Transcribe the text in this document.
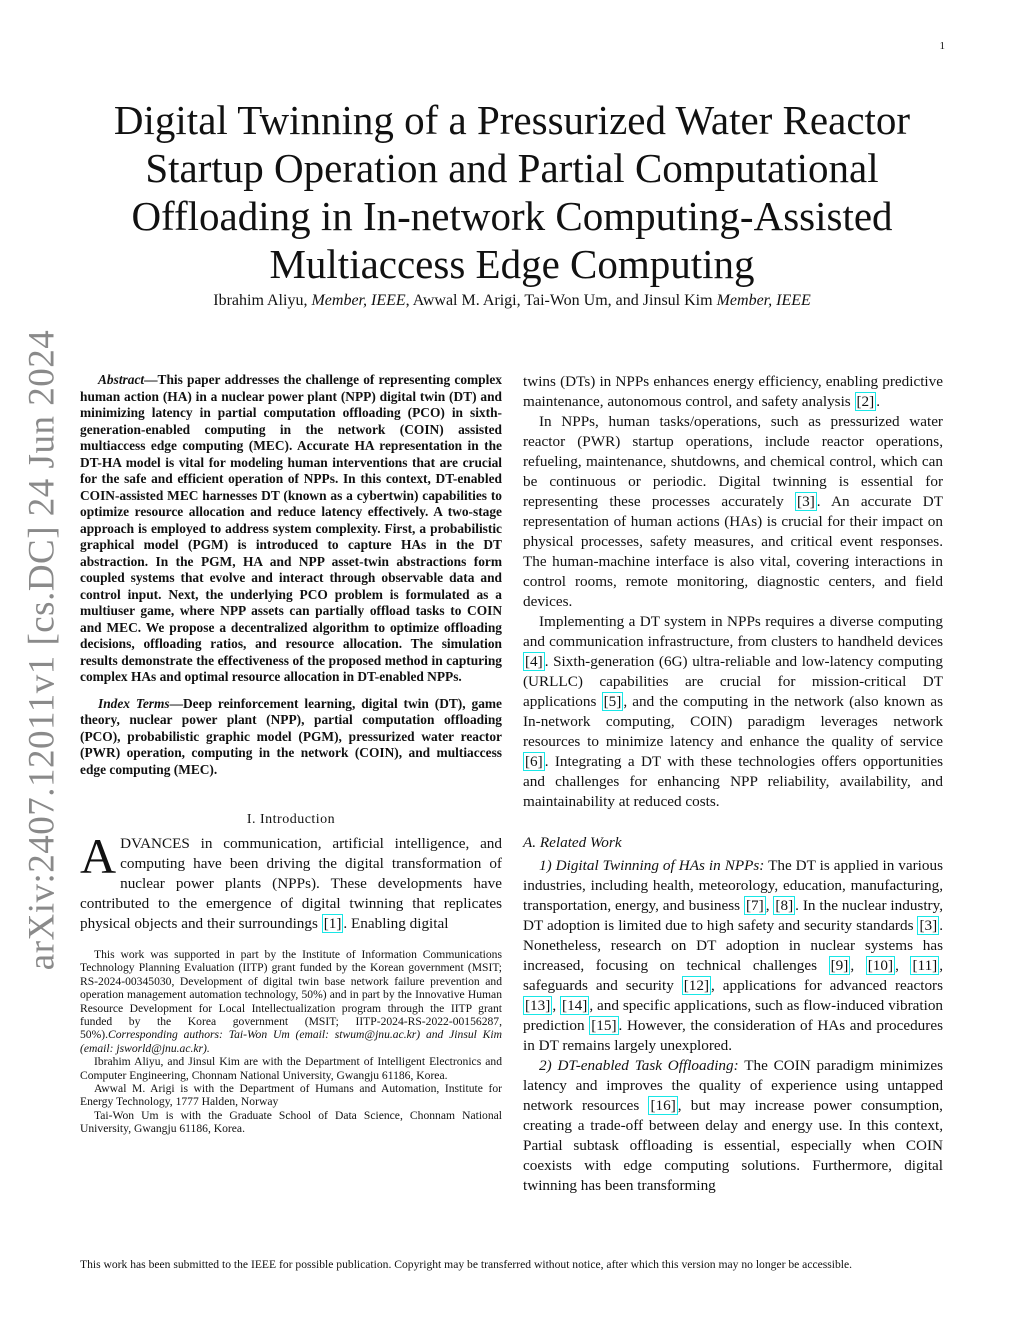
1
arXiv:2407.12011v1 [cs.DC] 24 Jun 2024
Digital Twinning of a Pressurized Water Reactor Startup Operation and Partial Computational Offloading in In-network Computing-Assisted Multiaccess Edge Computing
Ibrahim Aliyu, Member, IEEE, Awwal M. Arigi, Tai-Won Um, and Jinsul Kim Member, IEEE

Abstract—This paper addresses the challenge of representing complex human action (HA) in a nuclear power plant (NPP) digital twin (DT) and minimizing latency in partial computation offloading (PCO) in sixth-generation-enabled computing in the network (COIN) assisted multiaccess edge computing (MEC). Accurate HA representation in the DT-HA model is vital for modeling human interventions that are crucial for the safe and efficient operation of NPPs. In this context, DT-enabled COIN-assisted MEC harnesses DT (known as a cybertwin) capabilities to optimize resource allocation and reduce latency effectively. A two-stage approach is employed to address system complexity. First, a probabilistic graphical model (PGM) is introduced to capture HAs in the DT abstraction. In the PGM, HA and NPP asset-twin abstractions form coupled systems that evolve and interact through observable data and control input. Next, the underlying PCO problem is formulated as a multiuser game, where NPP assets can partially offload tasks to COIN and MEC. We propose a decentralized algorithm to optimize offloading decisions, offloading ratios, and resource allocation. The simulation results demonstrate the effectiveness of the proposed method in capturing complex HAs and optimal resource allocation in DT-enabled NPPs.

Index Terms—Deep reinforcement learning, digital twin (DT), game theory, nuclear power plant (NPP), partial computation offloading (PCO), probabilistic graphic model (PGM), pressurized water reactor (PWR) operation, computing in the network (COIN), and multiaccess edge computing (MEC).

I. Introduction

ADVANCES in communication, artificial intelligence, and computing have been driving the digital transformation of nuclear power plants (NPPs). These developments have contributed to the emergence of digital twinning that replicates physical objects and their surroundings [1] . Enabling digital

This work was supported in part by the Institute of Information Communications Technology Planning Evaluation (IITP) grant funded by the Korean government (MSIT; RS-2024-00345030, Development of digital twin base network failure prevention and operation management automation technology, 50%) and in part by the Innovative Human Resource Development for Local Intellectualization program through the IITP grant funded by the Korea government (MSIT; IITP-2024-RS-2022-00156287, 50%).Corresponding authors: Tai-Won Um (email: stwum@jnu.ac.kr) and Jinsul Kim (email: jsworld@jnu.ac.kr).

Ibrahim Aliyu, and Jinsul Kim are with the Department of Intelligent Electronics and Computer Engineering, Chonnam National University, Gwangju 61186, Korea.

Awwal M. Arigi is with the Department of Humans and Automation, Institute for Energy Technology, 1777 Halden, Norway

Tai-Won Um is with the Graduate School of Data Science, Chonnam National University, Gwangju 61186, Korea.

twins (DTs) in NPPs enhances energy efficiency, enabling predictive maintenance, autonomous control, and safety analysis [2] .

In NPPs, human tasks/operations, such as pressurized water reactor (PWR) startup operations, include reactor operations, refueling, maintenance, shutdowns, and chemical control, which can be continuous or periodic. Digital twinning is essential for representing these processes accurately [3] . An accurate DT representation of human actions (HAs) is crucial for their impact on physical processes, safety measures, and critical event responses. The human-machine interface is also vital, covering interactions in control rooms, remote monitoring, diagnostic centers, and field devices.

Implementing a DT system in NPPs requires a diverse computing and communication infrastructure, from clusters to handheld devices [4] . Sixth-generation (6G) ultra-reliable and low-latency computing (URLLC) capabilities are crucial for mission-critical DT applications [5] , and the computing in the network (also known as In-network computing, COIN) paradigm leverages network resources to minimize latency and enhance the quality of service [6] . Integrating a DT with these technologies offers opportunities and challenges for enhancing NPP reliability, availability, and maintainability at reduced costs.

A. Related Work

1) Digital Twinning of HAs in NPPs: The DT is applied in various industries, including health, meteorology, education, manufacturing, transportation, energy, and business [7] , [8] . In the nuclear industry, DT adoption is limited due to high safety and security standards [3] . Nonetheless, research on DT adoption in nuclear systems has increased, focusing on technical challenges [9] , [10] , [11] , safeguards and security [12] , applications for advanced reactors [13] , [14] , and specific applications, such as flow-induced vibration prediction [15] . However, the consideration of HAs and procedures in DT remains largely unexplored.

2) DT-enabled Task Offloading: The COIN paradigm minimizes latency and improves the quality of experience using untapped network resources [16] , but may increase power consumption, creating a trade-off between delay and energy use. In this context, Partial subtask offloading is essential, especially when COIN coexists with edge computing solutions. Furthermore, digital twinning has been transforming

This work has been submitted to the IEEE for possible publication. Copyright may be transferred without notice, after which this version may no longer be accessible.
